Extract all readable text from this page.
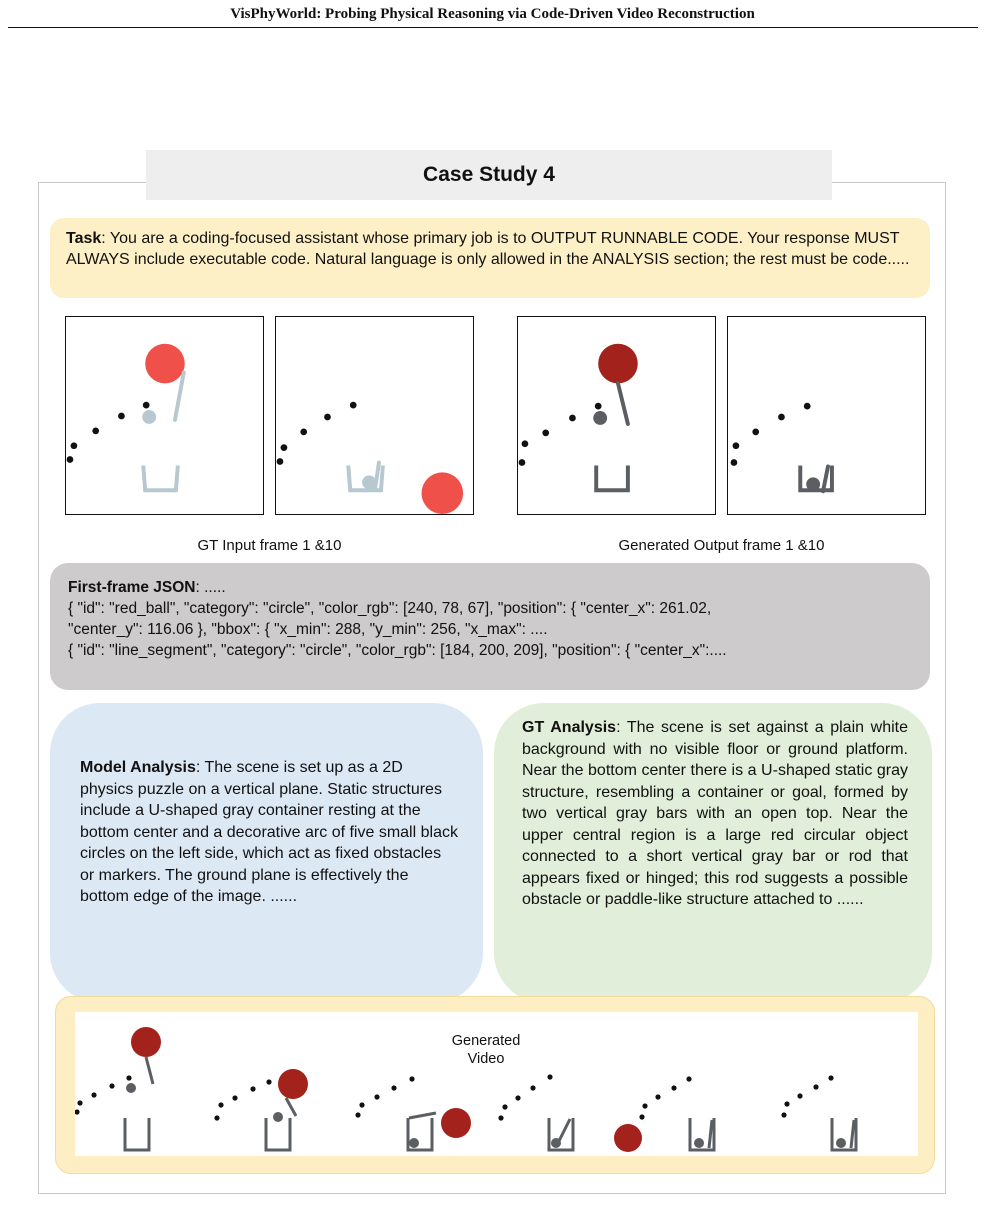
VisPhyWorld: Probing Physical Reasoning via Code-Driven Video Reconstruction
Case Study 4
Task: You are a coding-focused assistant whose primary job is to OUTPUT RUNNABLE CODE. Your response MUST ALWAYS include executable code. Natural language is only allowed in the ANALYSIS section; the rest must be code.....
GT Input frame 1 &10	Generated Output frame 1 &10
First-frame JSON: .....
{ "id": "red_ball", "category": "circle", "color_rgb": [240, 78, 67], "position": { "center_x": 261.02,
"center_y": 116.06 }, "bbox": { "x_min": 288, "y_min": 256, "x_max": ....
{ "id": "line_segment", "category": "circle", "color_rgb": [184, 200, 209], "position": { "center_x":....
Model Analysis: The scene is set up as a 2D physics puzzle on a vertical plane. Static structures include a U-shaped gray container resting at the bottom center and a decorative arc of five small black circles on the left side, which act as fixed obstacles or markers. The ground plane is effectively the bottom edge of the image. ......
GT Analysis: The scene is set against a plain white background with no visible floor or ground platform. Near the bottom center there is a U-shaped static gray structure, resembling a container or goal, formed by two vertical gray bars with an open top. Near the upper central region is a large red circular object connected to a short vertical gray bar or rod that appears fixed or hinged; this rod suggests a possible obstacle or paddle-like structure attached to ......
Generated
Video
